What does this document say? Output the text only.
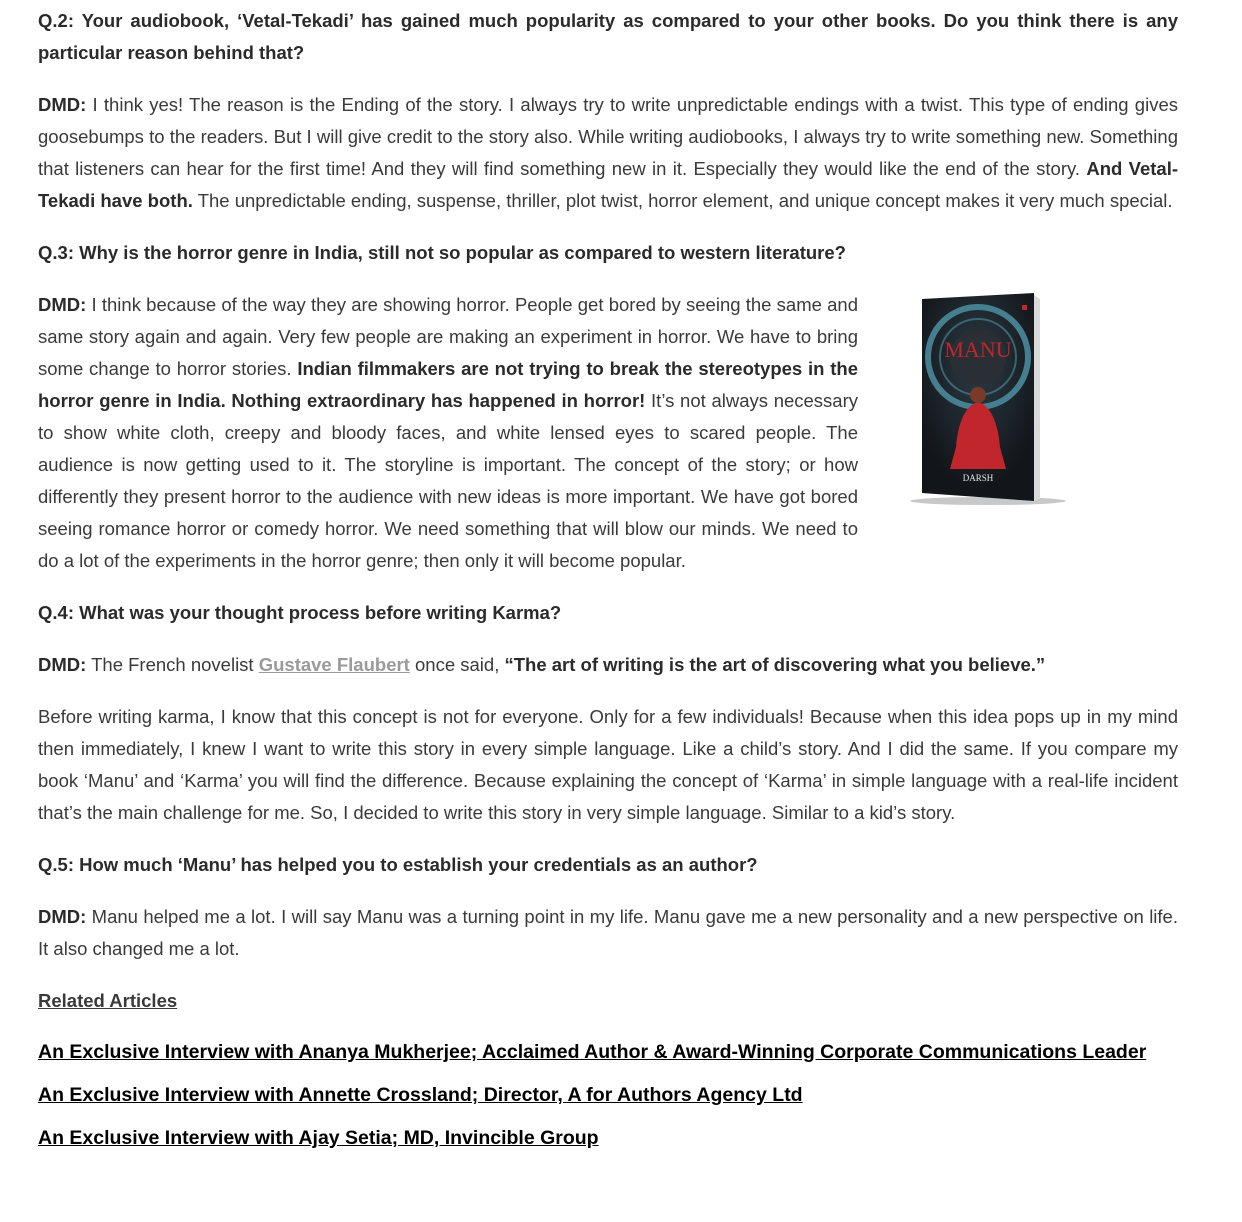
Q.2: Your audiobook, ‘Vetal-Tekadi’ has gained much popularity as compared to your other books. Do you think there is any particular reason behind that?

DMD: I think yes! The reason is the Ending of the story. I always try to write unpredictable endings with a twist. This type of ending gives goosebumps to the readers. But I will give credit to the story also. While writing audiobooks, I always try to write something new. Something that listeners can hear for the first time! And they will find something new in it. Especially they would like the end of the story. And Vetal-Tekadi have both. The unpredictable ending, suspense, thriller, plot twist, horror element, and unique concept makes it very much special.

Q.3: Why is the horror genre in India, still not so popular as compared to western literature?

MANU
DARSH

DMD: I think because of the way they are showing horror. People get bored by seeing the same and same story again and again. Very few people are making an experiment in horror. We have to bring some change to horror stories. Indian filmmakers are not trying to break the stereotypes in the horror genre in India. Nothing extraordinary has happened in horror! It’s not always necessary to show white cloth, creepy and bloody faces, and white lensed eyes to scared people. The audience is now getting used to it. The storyline is important. The concept of the story; or how differently they present horror to the audience with new ideas is more important. We have got bored seeing romance horror or comedy horror. We need something that will blow our minds. We need to do a lot of the experiments in the horror genre; then only it will become popular.

Q.4: What was your thought process before writing Karma?

DMD: The French novelist Gustave Flaubert once said, “The art of writing is the art of discovering what you believe.”

Before writing karma, I know that this concept is not for everyone. Only for a few individuals! Because when this idea pops up in my mind then immediately, I knew I want to write this story in every simple language. Like a child’s story. And I did the same. If you compare my book ‘Manu’ and ‘Karma’ you will find the difference. Because explaining the concept of ‘Karma’ in simple language with a real-life incident that’s the main challenge for me. So, I decided to write this story in very simple language. Similar to a kid’s story.

Q.5: How much ‘Manu’ has helped you to establish your credentials as an author?

DMD: Manu helped me a lot. I will say Manu was a turning point in my life. Manu gave me a new personality and a new perspective on life. It also changed me a lot.

Related Articles

An Exclusive Interview with Ananya Mukherjee; Acclaimed Author & Award-Winning Corporate Communications Leader
An Exclusive Interview with Annette Crossland; Director, A for Authors Agency Ltd
An Exclusive Interview with Ajay Setia; MD, Invincible Group
